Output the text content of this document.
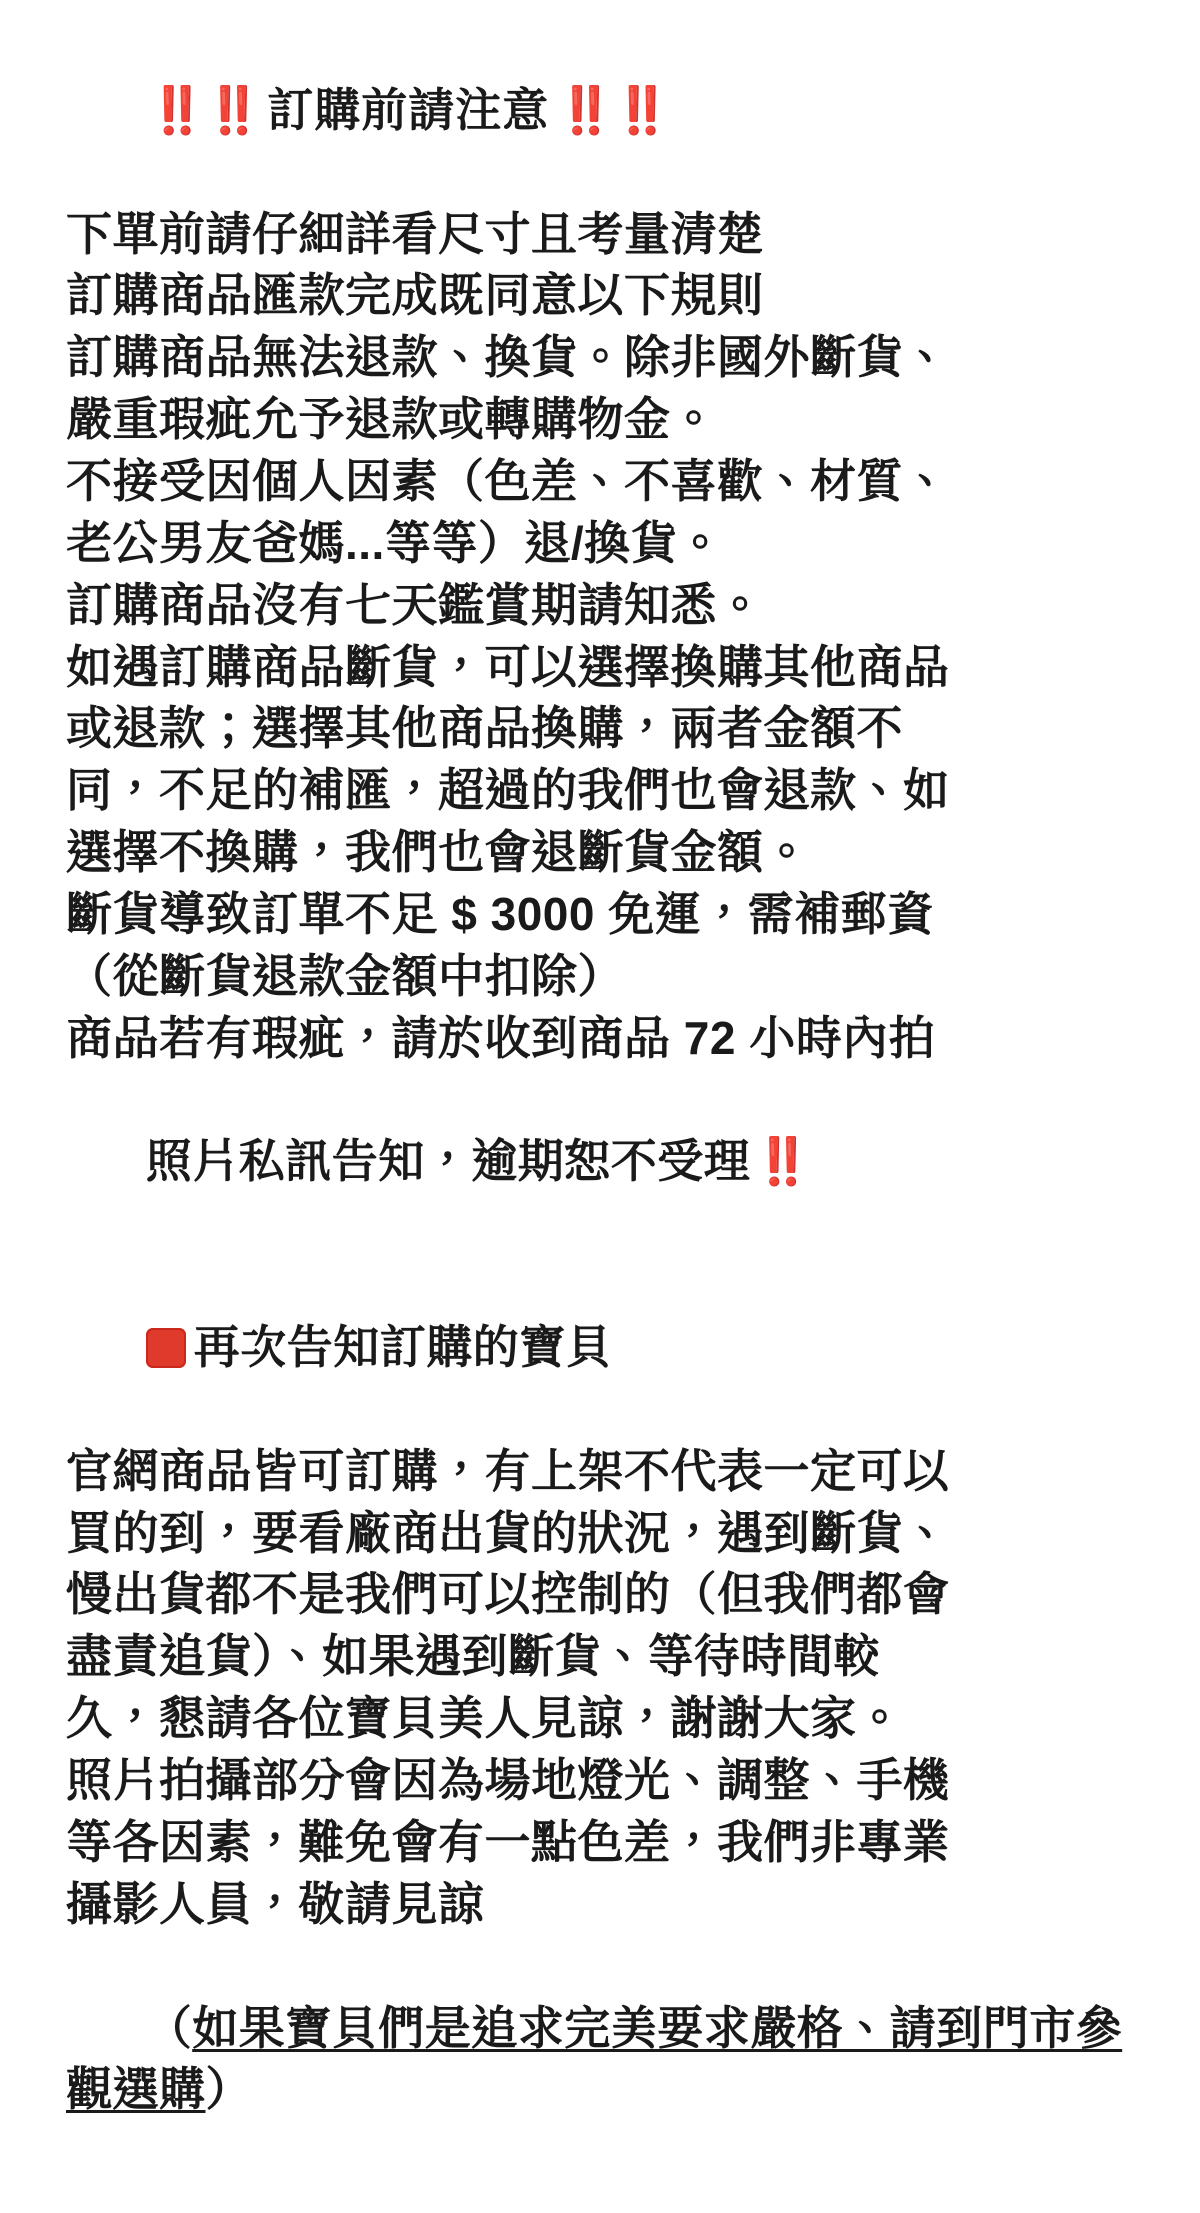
‼️‼️ 訂購前請注意 ‼️‼️

下單前請仔細詳看尺寸且考量清楚
訂購商品匯款完成既同意以下規則
訂購商品無法退款、換貨。除非國外斷貨、
嚴重瑕疵允予退款或轉購物金。
不接受因個人因素（色差、不喜歡、材質、
老公男友爸媽...等等）退/換貨。
訂購商品沒有七天鑑賞期請知悉。
如遇訂購商品斷貨，可以選擇換購其他商品
或退款；選擇其他商品換購，兩者金額不
同，不足的補匯，超過的我們也會退款、如
選擇不換購，我們也會退斷貨金額。
斷貨導致訂單不足 $ 3000 免運，需補郵資
（從斷貨退款金額中扣除）
商品若有瑕疵，請於收到商品 72 小時內拍

照片私訊告知，逾期恕不受理‼️

再次告知訂購的寶貝

官網商品皆可訂購，有上架不代表一定可以
買的到，要看廠商出貨的狀況，遇到斷貨、
慢出貨都不是我們可以控制的（但我們都會
盡責追貨）、如果遇到斷貨、等待時間較
久，懇請各位寶貝美人見諒，謝謝大家。
照片拍攝部分會因為場地燈光、調整、手機
等各因素，難免會有一點色差，我們非專業
攝影人員，敬請見諒

（如果寶貝們是追求完美要求嚴格、請到門市參觀選購）
